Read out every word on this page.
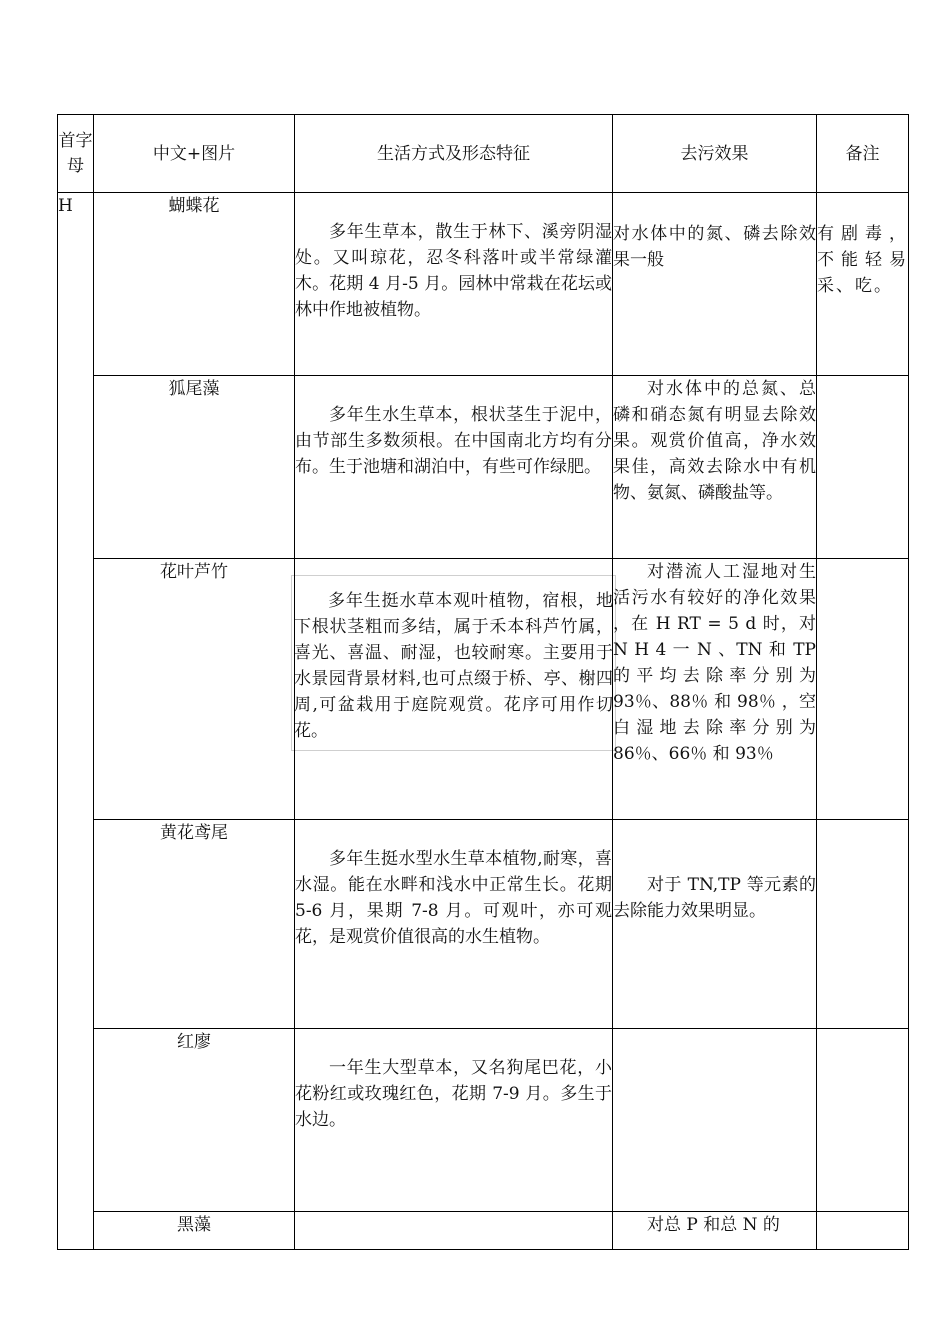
首字母	中文+图片	生活方式及形态特征	去污效果	备注
H	蝴蝶花	多年生草本，散生于林下、溪旁阴湿处。又叫琼花，忍冬科落叶或半常绿灌木。花期 4 月-5 月。园林中常栽在花坛或林中作地被植物。	对水体中的氮、磷去除效果一般	有剧毒，不能轻易采、吃。
	狐尾藻	多年生水生草本，根状茎生于泥中，由节部生多数须根。在中国南北方均有分布。生于池塘和湖泊中，有些可作绿肥。	对水体中的总氮、总磷和硝态氮有明显去除效果。观赏价值高，净水效果佳，高效去除水中有机物、氨氮、磷酸盐等。	

	花叶芦竹	多年生挺水草本观叶植物，宿根，地下根状茎粗而多结，属于禾本科芦竹属， 喜光、喜温、耐湿，也较耐寒。主要用于水景园背景材料,也可点缀于桥、亭、榭四周,可盆栽用于庭院观赏。花序可用作切花。	对潜流人工湿地对生活污水有较好的净化效果 ，在 H RT = 5 d 时，对 N H 4 一 N 、TN 和 TP 的平均去除率分别为 93％、88％ 和 98％ ，空 白湿地去除率分别为 86％、66％ 和 93％	

	黄花鸢尾	多年生挺水型水生草本植物,耐寒，喜水湿。能在水畔和浅水中正常生长。花期 5-6 月，果期 7-8 月。可观叶，亦可观花，是观赏价值很高的水生植物。	对于 TN,TP 等元素的去除能力效果明显。	

	红廖	一年生大型草本，又名狗尾巴花，小花粉红或玫瑰红色，花期 7-9 月。多生于水边。		

	黑藻		对总 P 和总 N 的	
